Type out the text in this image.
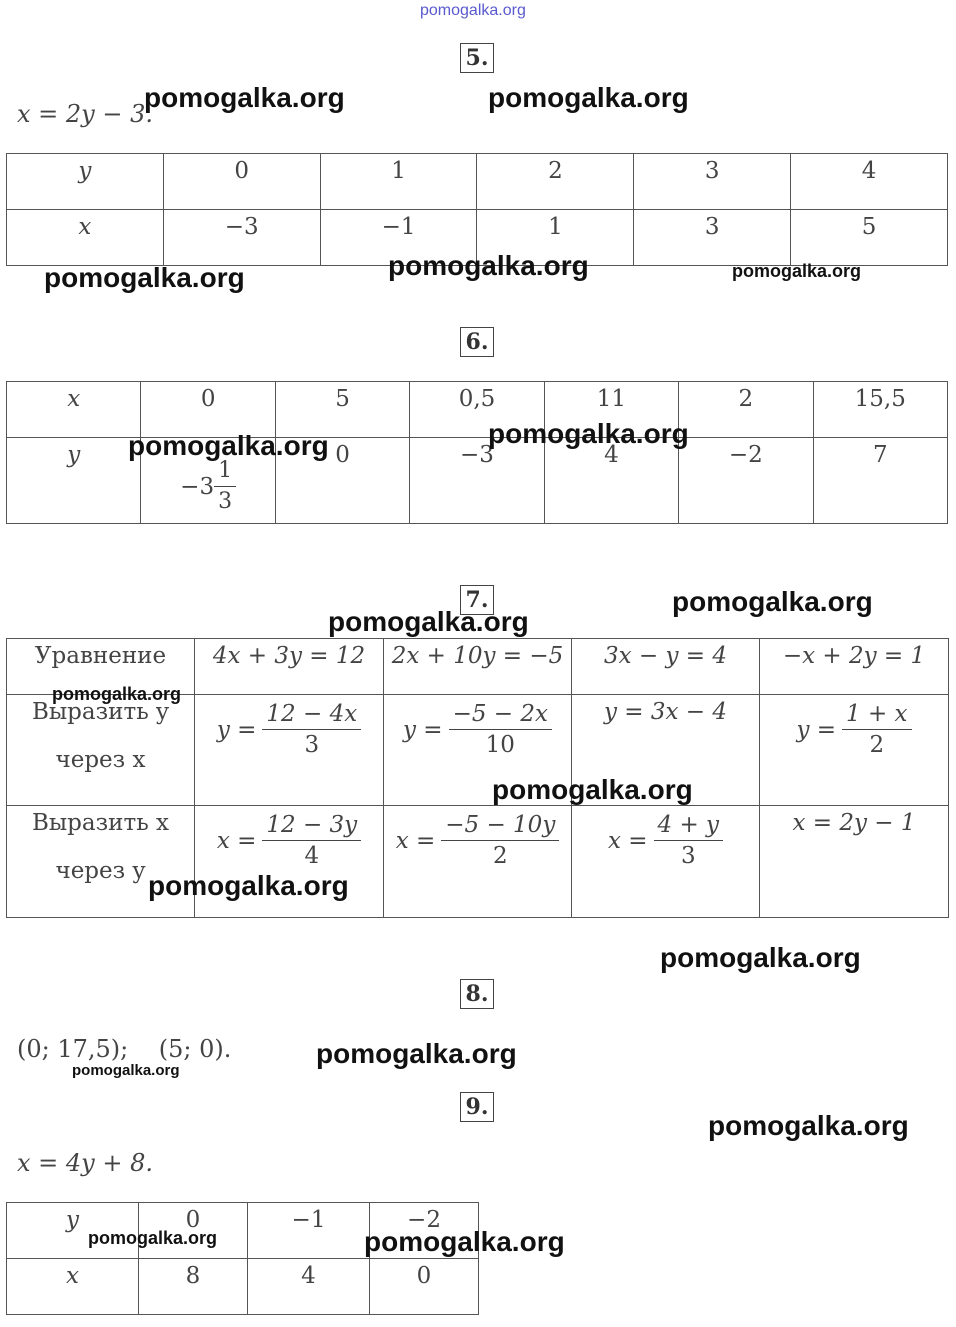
pomogalka.org
5.
x = 2y − 3.
y	0	1	2	3	4
x	−3	−1	1	3	5
6.
x	0	5	0,5	11	2	15,5
y	$-3 \frac{1}{3}$	0	−3	4	−2	7
7.
Уравнение	4x + 3y = 12	2x + 10y = −5	3x − y = 4	−x + 2y = 1

Выразить y
через x	$y = \frac{12 - 4x}{3}$	$y = \frac{-5 - 2x}{10}$	y = 3x − 4	$y = \frac{1 + x}{2}$

Выразить x
через y	$x = \frac{12 - 3y}{4}$	$x = \frac{-5 - 10y}{2}$	$x = \frac{4 + y}{3}$	x = 2y − 1
8.
(0; 17,5);    (5; 0).
9.
x = 4y + 8.
y	0	−1	−2
x	8	4	0
pomogalka.org	pomogalka.org
pomogalka.org	pomogalka.org	pomogalka.org
pomogalka.org	pomogalka.org
pomogalka.org
pomogalka.org
pomogalka.org
pomogalka.org
pomogalka.org
pomogalka.org
pomogalka.org
pomogalka.org
pomogalka.org
pomogalka.org	pomogalka.org
